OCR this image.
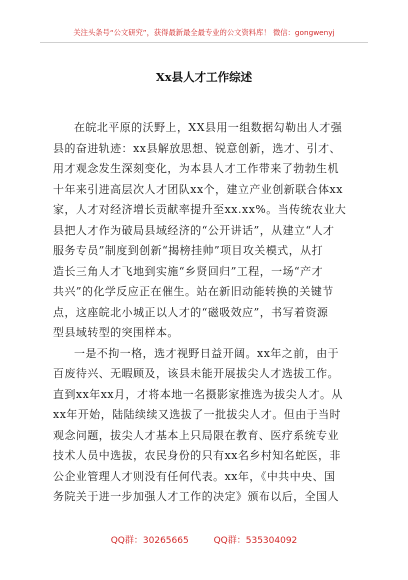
关注头条号“公文研究”，获得最新最全最专业的公文资料库！ 微信：gongwenyj
Xx县人才工作综述
在皖北平原的沃野上，XX县用一组数据勾勒出人才强
县的奋进轨迹：xx县解放思想、锐意创新，选才、引才、
用才观念发生深刻变化，为本县人才工作带来了勃勃生机
十年来引进高层次人才团队xx个，建立产业创新联合体xx
家，人才对经济增长贡献率提升至xx.xx%。当传统农业大
县把人才作为破局县域经济的“公开讲话”，从建立“人才
服务专员”制度到创新“揭榜挂帅”项目攻关模式，从打
造长三角人才飞地到实施“乡贤回归”工程，一场“产才
共兴”的化学反应正在催生。站在新旧动能转换的关键节
点，这座皖北小城正以人才的“磁吸效应”，书写着资源
型县域转型的突围样本。
一是不拘一格，选才视野日益开阔。xx年之前，由于
百废待兴、无暇顾及，该县未能开展拔尖人才选拔工作。
直到xx年xx月，才将本地一名摄影家推选为拔尖人才。从
xx年开始，陆陆续续又选拔了一批拔尖人才。但由于当时
观念问题，拔尖人才基本上只局限在教育、医疗系统专业
技术人员中选拔，农民身份的只有xx名乡村知名蛇医，非
公企业管理人才则没有任何代表。xx年，《中共中央、国
务院关于进一步加强人才工作的决定》颁布以后，全国人
QQ群：30265665	QQ群：535304092
